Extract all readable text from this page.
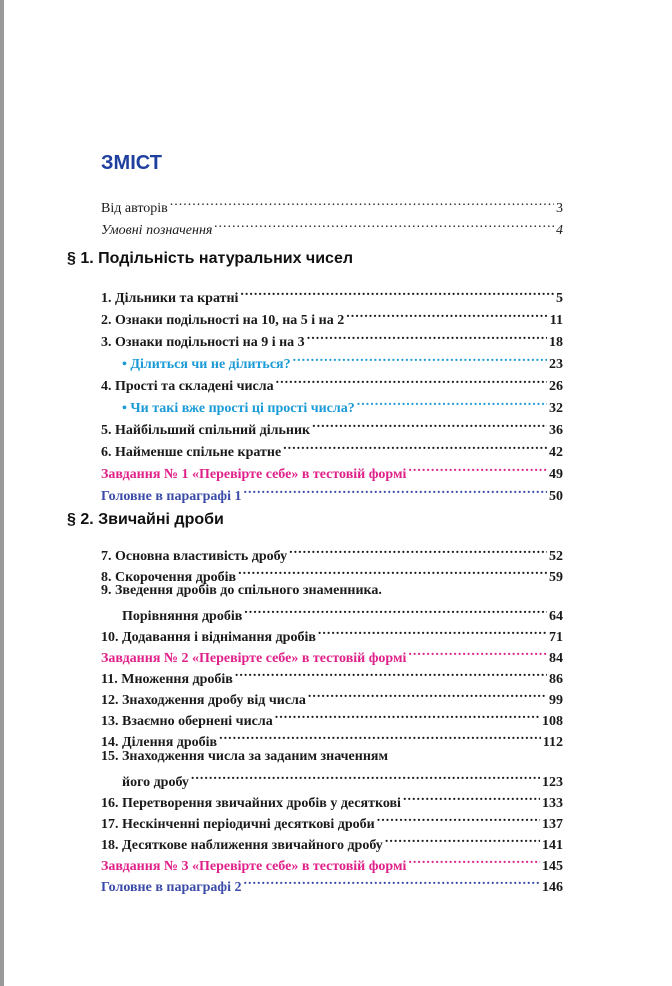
ЗМІСТ
Від авторів .....	3
Умовні позначення .....	4
§ 1. Подільність натуральних чисел
1. Дільники та кратні .....	5
2. Ознаки подільності на 10, на 5 і на 2 .....	11
3. Ознаки подільності на 9 і на 3 .....	18
• Ділиться чи не ділиться? .....	23
4. Прості та складені числа .....	26
• Чи такі вже прості ці прості числа? .....	32
5. Найбільший спільний дільник .....	36
6. Найменше спільне кратне .....	42
Завдання № 1 «Перевірте себе» в тестовій формі .....	49
Головне в параграфі 1 .....	50
§ 2. Звичайні дроби
7. Основна властивість дробу .....	52
8. Скорочення дробів .....	59
9. Зведення дробів до спільного знаменника.
Порівняння дробів .....	64
10. Додавання і віднімання дробів .....	71
Завдання № 2 «Перевірте себе» в тестовій формі .....	84
11. Множення дробів .....	86
12. Знаходження дробу від числа .....	99
13. Взаємно обернені числа .....	108
14. Ділення дробів .....	112
15. Знаходження числа за заданим значенням
його дробу .....	123
16. Перетворення звичайних дробів у десяткові .....	133
17. Нескінченні періодичні десяткові дроби .....	137
18. Десяткове наближення звичайного дробу .....	141
Завдання № 3 «Перевірте себе» в тестовій формі .....	145
Головне в параграфі 2 .....	146
